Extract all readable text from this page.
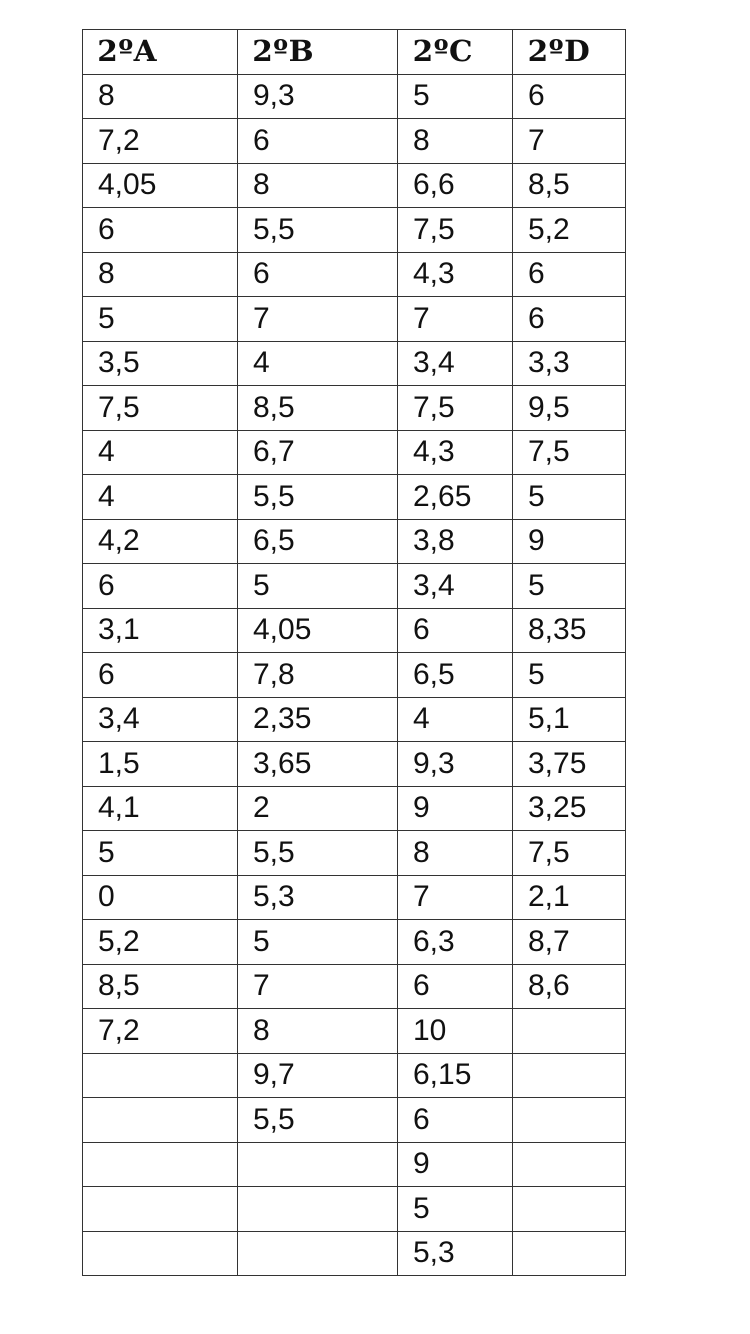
2ºA	2ºB	2ºC	2ºD
8	9,3	5	6
7,2	6	8	7
4,05	8	6,6	8,5
6	5,5	7,5	5,2
8	6	4,3	6
5	7	7	6
3,5	4	3,4	3,3
7,5	8,5	7,5	9,5
4	6,7	4,3	7,5
4	5,5	2,65	5
4,2	6,5	3,8	9
6	5	3,4	5
3,1	4,05	6	8,35
6	7,8	6,5	5
3,4	2,35	4	5,1
1,5	3,65	9,3	3,75
4,1	2	9	3,25
5	5,5	8	7,5
0	5,3	7	2,1
5,2	5	6,3	8,7
8,5	7	6	8,6
7,2	8	10	
	9,7	6,15	
	5,5	6	
		9	
		5	
		5,3	
